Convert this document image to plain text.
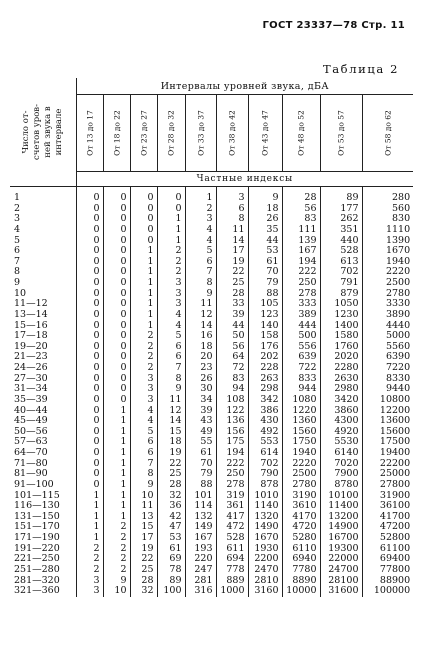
ГОСТ 23337—78 Стр. 11
Таблица 2
Число от-
счетов уров-
ней звука в
интервале	Интервалы уровней звука, дБА									

	От 13 до 17	От 18 до 22	От 23 до 27	От 28 до 32	От 33 до 37	От 38 до 42	От 43 до 47	От 48 до 52	От 53 до 57	От 58 до 62

	Частные индексы									

1	0	0	0	0	1	3	9	28	89	280
2	0	0	0	0	2	6	18	56	177	560
3	0	0	0	1	3	8	26	83	262	830
4	0	0	0	1	4	11	35	111	351	1110
5	0	0	0	1	4	14	44	139	440	1390
6	0	0	1	2	5	17	53	167	528	1670
7	0	0	1	2	6	19	61	194	613	1940
8	0	0	1	2	7	22	70	222	702	2220
9	0	0	1	3	8	25	79	250	791	2500
10	0	0	1	3	9	28	88	278	879	2780
11—12	0	0	1	3	11	33	105	333	1050	3330
13—14	0	0	1	4	12	39	123	389	1230	3890
15—16	0	0	1	4	14	44	140	444	1400	4440
17—18	0	0	2	5	16	50	158	500	1580	5000
19—20	0	0	2	6	18	56	176	556	1760	5560
21—23	0	0	2	6	20	64	202	639	2020	6390
24—26	0	0	2	7	23	72	228	722	2280	7220
27—30	0	0	3	8	26	83	263	833	2630	8330
31—34	0	0	3	9	30	94	298	944	2980	9440
35—39	0	0	3	11	34	108	342	1080	3420	10800
40—44	0	1	4	12	39	122	386	1220	3860	12200
45—49	0	1	4	14	43	136	430	1360	4300	13600
50—56	0	1	5	15	49	156	492	1560	4920	15600
57—63	0	1	6	18	55	175	553	1750	5530	17500
64—70	0	1	6	19	61	194	614	1940	6140	19400
71—80	0	1	7	22	70	222	702	2220	7020	22200
81—90	0	1	8	25	79	250	790	2500	7900	25000
91—100	0	1	9	28	88	278	878	2780	8780	27800
101—115	1	1	10	32	101	319	1010	3190	10100	31900
116—130	1	1	11	36	114	361	1140	3610	11400	36100
131—150	1	1	13	42	132	417	1320	4170	13200	41700
151—170	1	2	15	47	149	472	1490	4720	14900	47200
171—190	1	2	17	53	167	528	1670	5280	16700	52800
191—220	2	2	19	61	193	611	1930	6110	19300	61100
221—250	2	2	22	69	220	694	2200	6940	22000	69400
251—280	2	2	25	78	247	778	2470	7780	24700	77800
281—320	3	9	28	89	281	889	2810	8890	28100	88900
321—360	3	10	32	100	316	1000	3160	10000	31600	100000
